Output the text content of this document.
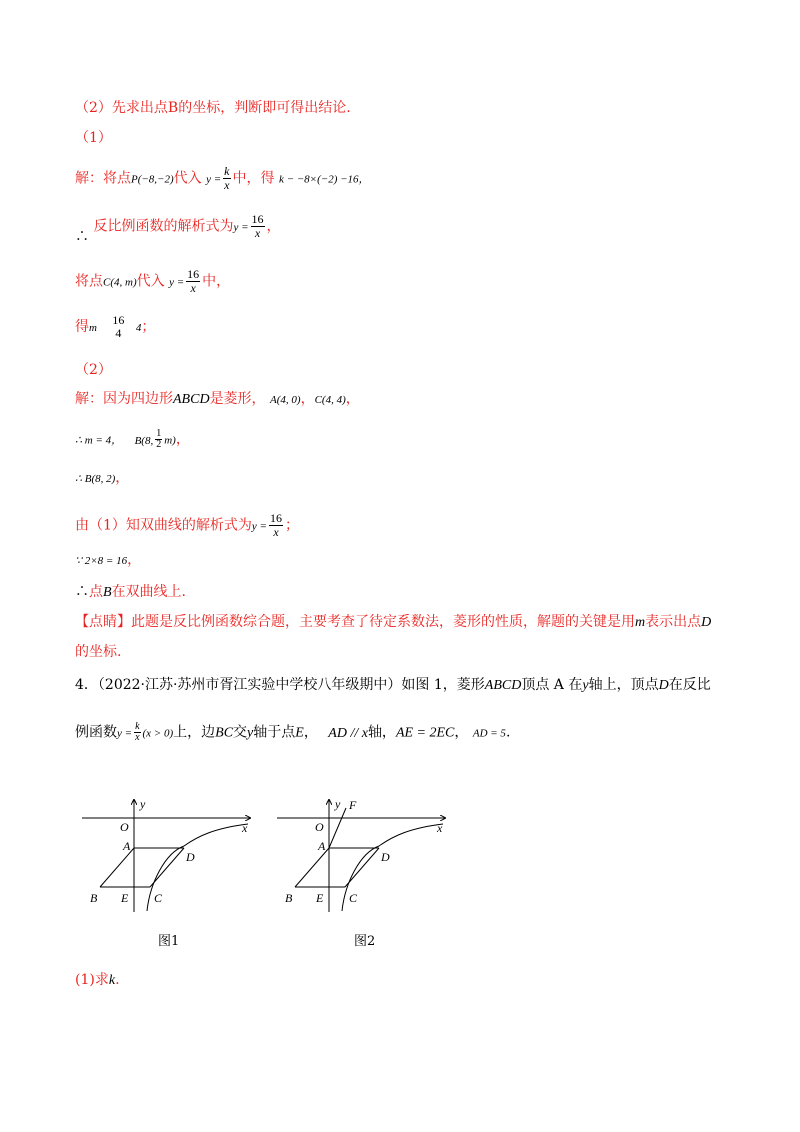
（2）先求出点B的坐标，判断即可得出结论.
（1）
解：将点P(−8,−2)代入 $y = \frac{k}{x}$ 中，得 k − −8×(−2) −16，
∴ 反比例函数的解析式为$y = \frac{16}{x}$ ，
将点C(4, m)代入 $y = \frac{16}{x}$ 中，
得m
16
4	4；
（2）
解：因为四边形ABCD是菱形， A(4, 0)，C(4, 4)，
∴ m = 4， B(8, $\frac{1}{2} m$)，
∴ B(8, 2)，
由（1）知双曲线的解析式为$y = \frac{16}{x}$ ；
∵ 2×8 = 16，
∴点B在双曲线上.
【点睛】此题是反比例函数综合题，主要考查了待定系数法，菱形的性质，解题的关键是用m表示出点D
的坐标.
4．（2022·江苏·苏州市胥江实验中学校八年级期中）如图 1，菱形ABCD顶点 A 在y轴上，顶点D在反比
例函数$y = \frac{k}{x} (x > 0)$上，边BC交y轴于点E， AD // x轴，AE = 2EC， AD = 5.
y
x
O
A
D
B E C
图1
y
x
F
O
A
D
B E C
图2
(1)求k.
